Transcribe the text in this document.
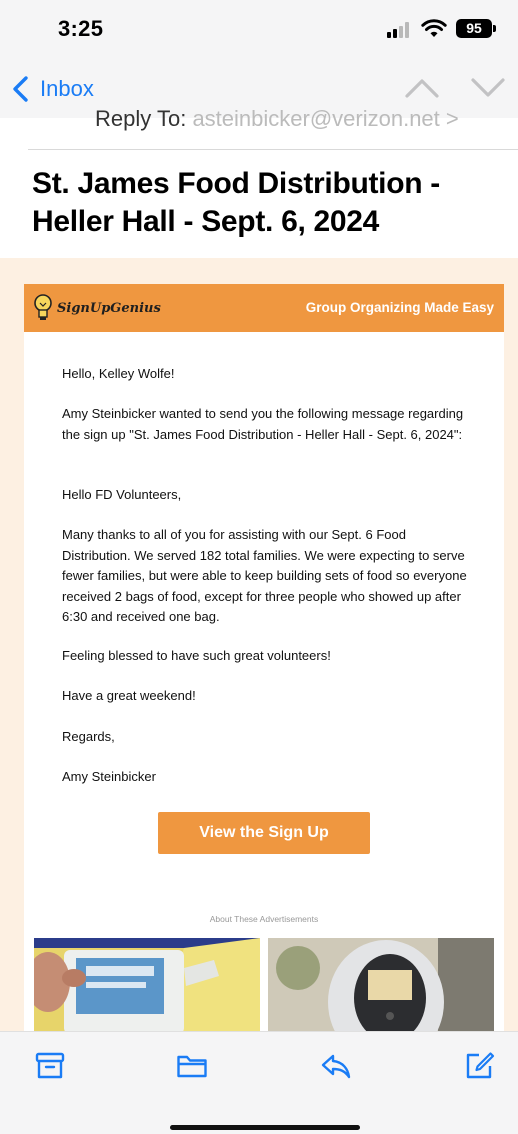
3:25	95
Inbox
Reply To: asteinbicker@verizon.net >
St. James Food Distribution - Heller Hall - Sept. 6, 2024
SignUpGenius	Group Organizing Made Easy
Hello, Kelley Wolfe!
Amy Steinbicker wanted to send you the following message regarding the sign up "St. James Food Distribution - Heller Hall - Sept. 6, 2024":
Hello FD Volunteers,
Many thanks to all of you for assisting with our Sept. 6 Food Distribution. We served 182 total families. We were expecting to serve fewer families, but were able to keep building sets of food so everyone received 2 bags of food, except for three people who showed up after 6:30 and received one bag.
Feeling blessed to have such great volunteers!
Have a great weekend!
Regards,
Amy Steinbicker
View the Sign Up
About These Advertisements
